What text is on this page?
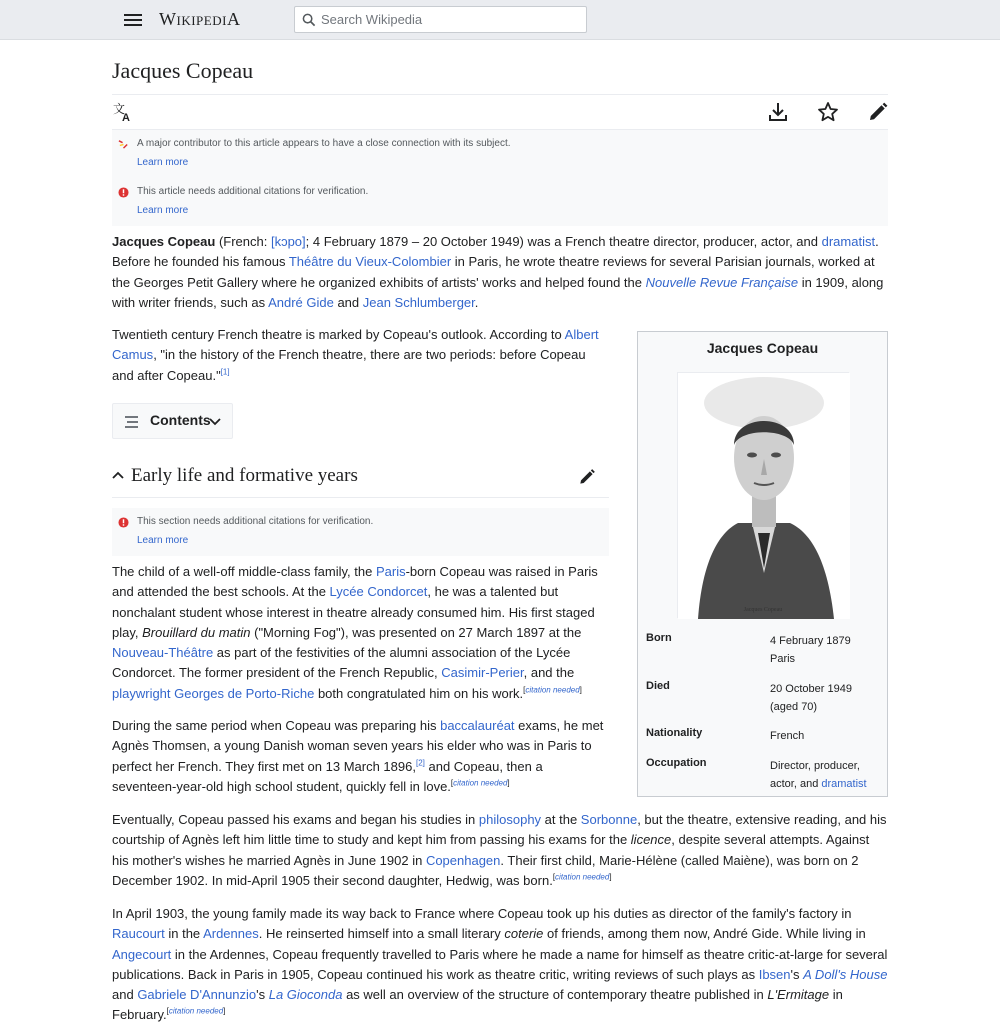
WIKIPEDIA
Search Wikipedia
Jacques Copeau
文
A
A major contributor to this article appears to have a close connection with its subject.
Learn more
This article needs additional citations for verification.
Learn more

Jacques Copeau (French: [kɔpo]; 4 February 1879 – 20 October 1949) was a French theatre director, producer, actor, and dramatist. Before he founded his famous Théâtre du Vieux-Colombier in Paris, he wrote theatre reviews for several Parisian journals, worked at the Georges Petit Gallery where he organized exhibits of artists' works and helped found the Nouvelle Revue Française in 1909, along with writer friends, such as André Gide and Jean Schlumberger.

Twentieth century French theatre is marked by Copeau's outlook. According to Albert Camus, "in the history of the French theatre, there are two periods: before Copeau and after Copeau."[1]

Jacques Copeau
Jacques Copeau
Born	4 February 1879
Paris
Died	20 October 1949
(aged 70)
Nationality	French
Occupation	Director, producer,
actor, and dramatist
Contents
Early life and formative years
This section needs additional citations for verification.
Learn more

The child of a well-off middle-class family, the Paris-born Copeau was raised in Paris and attended the best schools. At the Lycée Condorcet, he was a talented but nonchalant student whose interest in theatre already consumed him. His first staged play, Brouillard du matin ("Morning Fog"), was presented on 27 March 1897 at the Nouveau-Théâtre as part of the festivities of the alumni association of the Lycée Condorcet. The former president of the French Republic, Casimir-Perier, and the playwright Georges de Porto-Riche both congratulated him on his work.[citation needed]

During the same period when Copeau was preparing his baccalauréat exams, he met Agnès Thomsen, a young Danish woman seven years his elder who was in Paris to perfect her French. They first met on 13 March 1896,[2] and Copeau, then a seventeen-year-old high school student, quickly fell in love.[citation needed]

Eventually, Copeau passed his exams and began his studies in philosophy at the Sorbonne, but the theatre, extensive reading, and his courtship of Agnès left him little time to study and kept him from passing his exams for the licence, despite several attempts. Against his mother's wishes he married Agnès in June 1902 in Copenhagen. Their first child, Marie-Hélène (called Maiène), was born on 2 December 1902. In mid-April 1905 their second daughter, Hedwig, was born.[citation needed]

In April 1903, the young family made its way back to France where Copeau took up his duties as director of the family's factory in Raucourt in the Ardennes. He reinserted himself into a small literary coterie of friends, among them now, André Gide. While living in Angecourt in the Ardennes, Copeau frequently travelled to Paris where he made a name for himself as theatre critic-at-large for several publications. Back in Paris in 1905, Copeau continued his work as theatre critic, writing reviews of such plays as Ibsen's A Doll's House and Gabriele D'Annunzio's La Gioconda as well an overview of the structure of contemporary theatre published in L'Ermitage in February.[citation needed]
